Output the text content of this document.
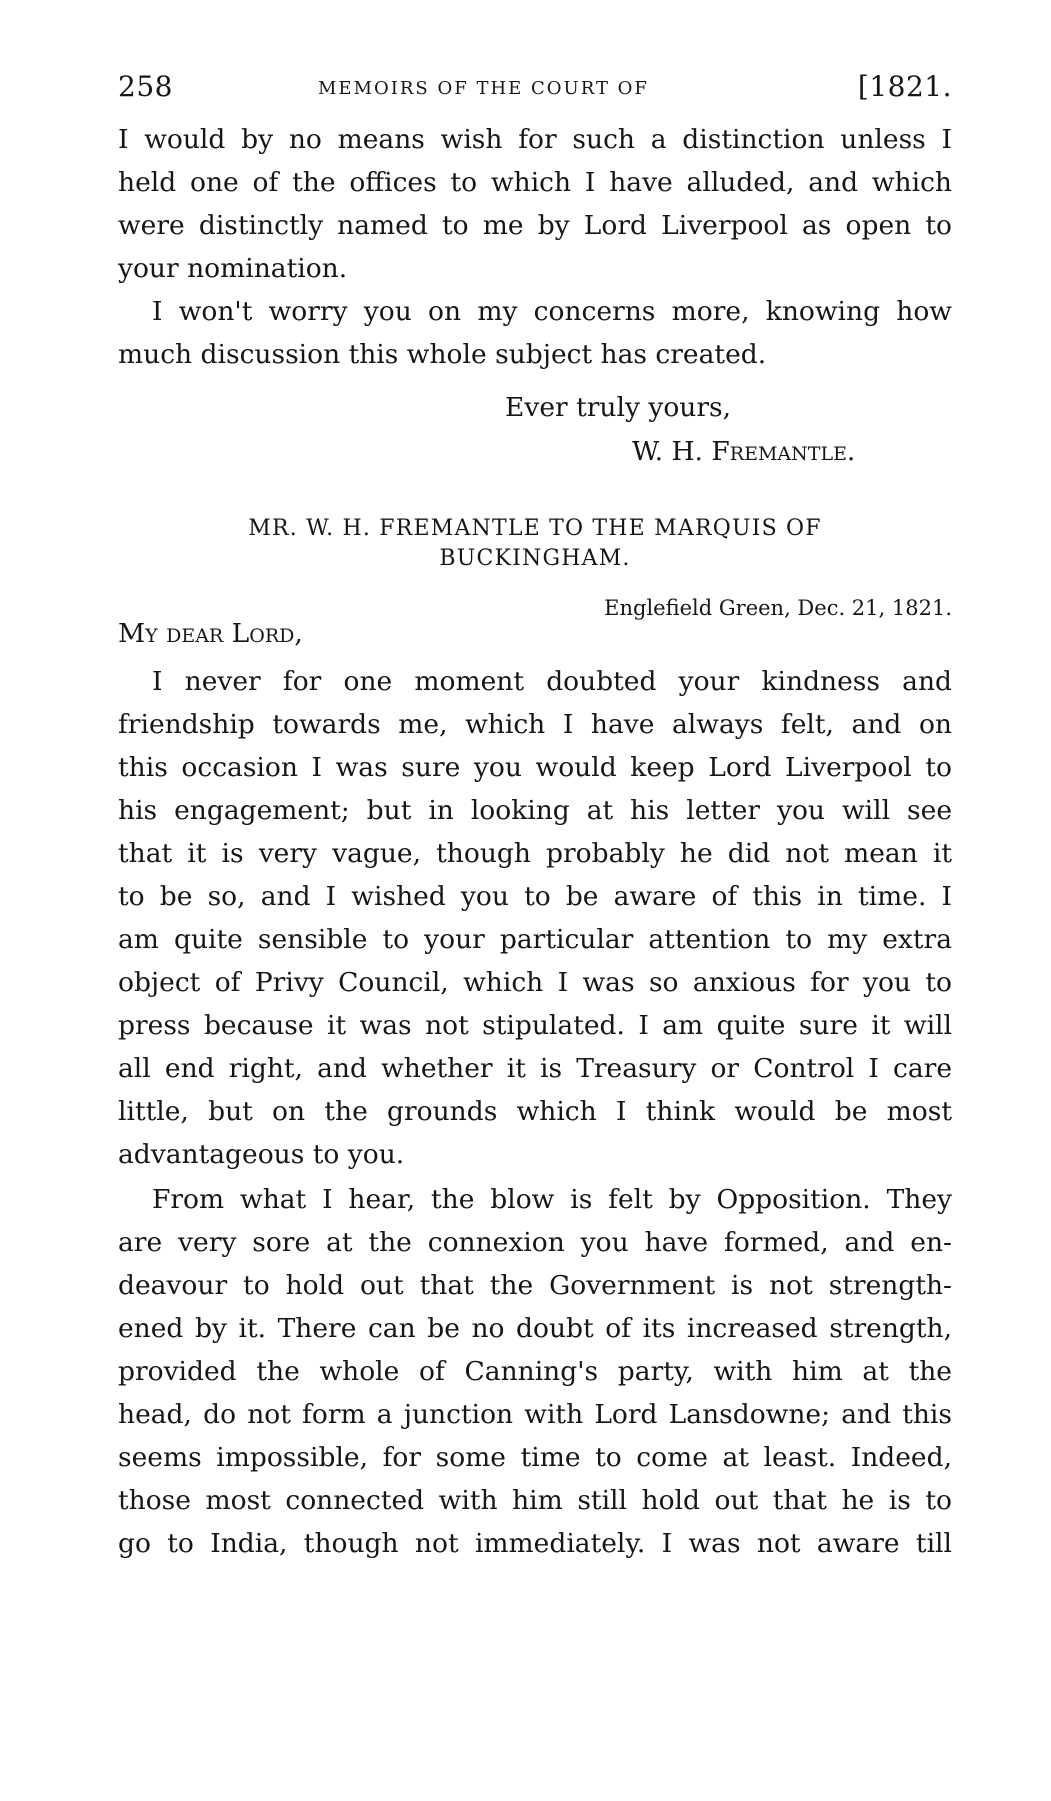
258	MEMOIRS OF THE COURT OF	[1821.
I would by no means wish for such a distinction unless I
held one of the offices to which I have alluded, and which
were distinctly named to me by Lord Liverpool as open to
your nomination.
I won't worry you on my concerns more, knowing how
much discussion this whole subject has created.
Ever truly yours,
W. H. Fremantle.
MR. W. H. FREMANTLE TO THE MARQUIS OF
BUCKINGHAM.
Englefield Green, Dec. 21, 1821.
My dear Lord,
I never for one moment doubted your kindness and
friendship towards me, which I have always felt, and on
this occasion I was sure you would keep Lord Liverpool to
his engagement; but in looking at his letter you will see
that it is very vague, though probably he did not mean it
to be so, and I wished you to be aware of this in time. I
am quite sensible to your particular attention to my extra
object of Privy Council, which I was so anxious for you to
press because it was not stipulated. I am quite sure it will
all end right, and whether it is Treasury or Control I care
little, but on the grounds which I think would be most
advantageous to you.
From what I hear, the blow is felt by Opposition. They
are very sore at the connexion you have formed, and en-
deavour to hold out that the Government is not strength-
ened by it. There can be no doubt of its increased strength,
provided the whole of Canning's party, with him at the
head, do not form a junction with Lord Lansdowne; and this
seems impossible, for some time to come at least. Indeed,
those most connected with him still hold out that he is to
go to India, though not immediately. I was not aware till
